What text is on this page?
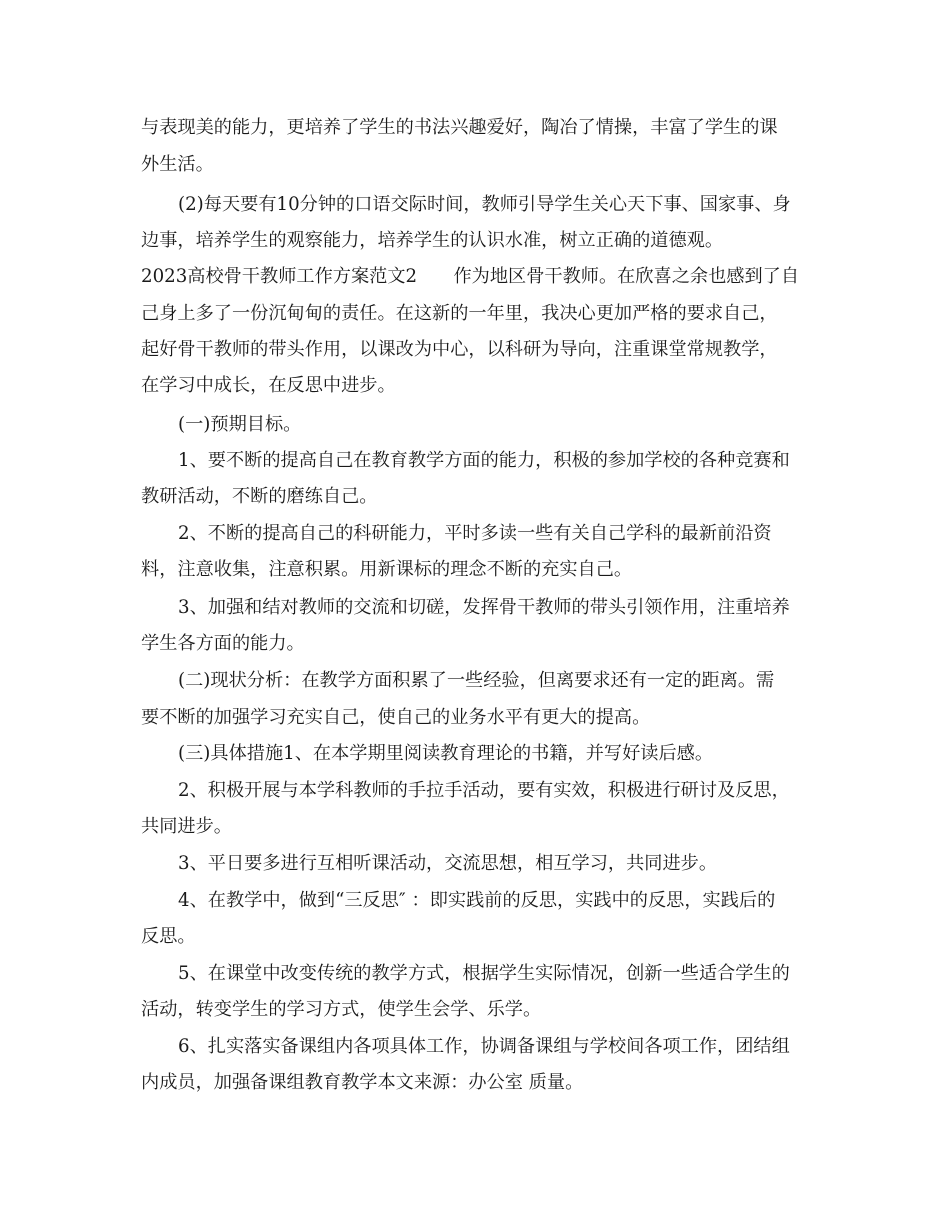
与表现美的能力，更培养了学生的书法兴趣爱好，陶冶了情操，丰富了学生的课
外生活。
(2)每天要有10分钟的口语交际时间，教师引导学生关心天下事、国家事、身
边事，培养学生的观察能力，培养学生的认识水准，树立正确的道德观。
2023高校骨干教师工作方案范文2　　作为地区骨干教师。在欣喜之余也感到了自
己身上多了一份沉甸甸的责任。在这新的一年里，我决心更加严格的要求自己，
起好骨干教师的带头作用，以课改为中心，以科研为导向，注重课堂常规教学，
在学习中成长，在反思中进步。
(一)预期目标。
1、要不断的提高自己在教育教学方面的能力，积极的参加学校的各种竞赛和
教研活动，不断的磨练自己。
2、不断的提高自己的科研能力，平时多读一些有关自己学科的最新前沿资
料，注意收集，注意积累。用新课标的理念不断的充实自己。
3、加强和结对教师的交流和切磋，发挥骨干教师的带头引领作用，注重培养
学生各方面的能力。
(二)现状分析：在教学方面积累了一些经验，但离要求还有一定的距离。需
要不断的加强学习充实自己，使自己的业务水平有更大的提高。
(三)具体措施1、在本学期里阅读教育理论的书籍，并写好读后感。
2、积极开展与本学科教师的手拉手活动，要有实效，积极进行研讨及反思，
共同进步。
3、平日要多进行互相听课活动，交流思想，相互学习，共同进步。
4、在教学中，做到“三反思″ ：即实践前的反思，实践中的反思，实践后的
反思。
5、在课堂中改变传统的教学方式，根据学生实际情况，创新一些适合学生的
活动，转变学生的学习方式，使学生会学、乐学。
6、扎实落实备课组内各项具体工作，协调备课组与学校间各项工作，团结组
内成员，加强备课组教育教学本文来源：办公室 质量。
